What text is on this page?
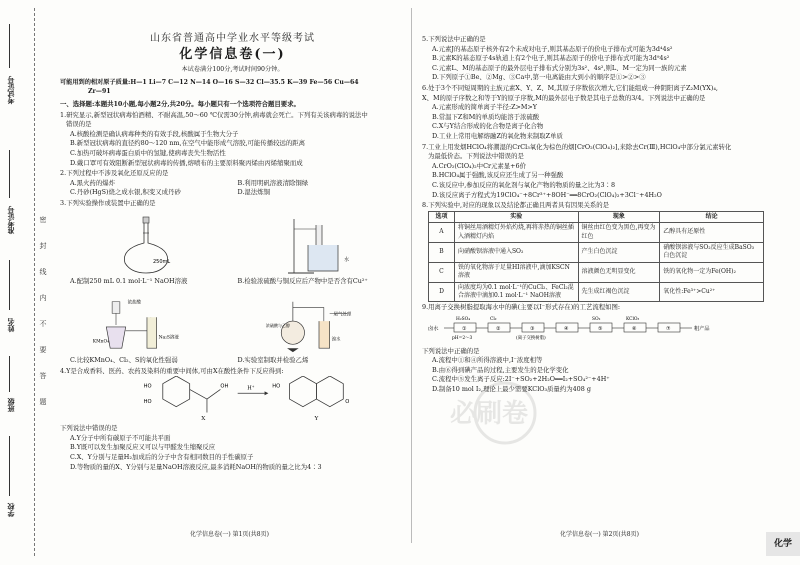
考试证号
准考证号
姓名
班级
学校
密
封
线
内
不
要
答
题
山东省普通高中学业水平等级考试
化学信息卷(一)
本试卷满分100分,考试时间90分钟。
可能用到的相对原子质量:H—1 Li—7 C—12 N—14 O—16 S—32 Cl—35.5 K—39 Fe—56 Cu—64
Zr—91
一、选择题:本题共10小题,每小题2分,共20分。每小题只有一个选项符合题目要求。

1.研究显示,新型冠状病毒怕酒精、不耐高温,50～60 ℃仅需30分钟,病毒就会死亡。下列有关该病毒的说法中

错误的是

A.核酸检测是确认病毒种类的有效手段,核酸属于生物大分子

B.新型冠状病毒的直径约80～120 nm,在空气中能形成气溶胶,可能传播较远的距离

C.加热可破坏病毒蛋白质中的氢键,使病毒丧失生物活性

D.戴口罩可有效阻断新型冠状病毒的传播,熔喷布的主要原料聚丙烯由丙烯缩聚而成

2.下列过程中不涉及氧化还原反应的是

A.黑火药的爆炸	B.利用明矾溶液清除铜绿
C.丹砂(HgS)烧之成水银,积变又成丹砂	D.湿法炼铜

3.下列实验操作或装置中正确的是

250mL	水
A.配制250 mL 0.1 mol·L⁻¹ NaOH溶液	B.检验浓硫酸与铜反应后产物中是否含有Cu²⁺
浓盐酸
Na₂S溶液
KMnO₄
尾气处理
溴水
浓硫酸与乙醇
C.比较KMnO₄、Cl₂、S的氧化性强弱	D.实验室制取并检验乙烯

4.Y是合成香料、医药、农药及染料的重要中间体,可由X在酸性条件下反应得到:

HO
HO
OH
X
H⁺	HO
O
Y

下列说法中错误的是

A.Y分子中所有碳原子不可能共平面

B.Y既可以发生加聚反应又可以与甲醛发生缩聚反应

C.X、Y分别与足量H₂加成后的分子中含有相同数目的手性碳原子

D.等物质的量的X、Y分别与足量NaOH溶液反应,最多消耗NaOH的物质的量之比为4∶3

化学信息卷(一) 第1页(共8页)

5.下列说法中正确的是

A.元素J的基态原子核外有2个未成对电子,则其基态原子的价电子排布式可能为3d⁴4s²

B.元素K的基态原子4s轨道上有2个电子,则其基态原子的价电子排布式可能为3d⁹4s²

C.元素L、M的基态原子的最外层电子排布式分别为3s²、4s²,则L、M一定为同一族的元素

D.下列原子①Be、②Mg、③Ca中,第一电离能由大到小的顺序是①>②>③

6.处于3个不同短周期的主族元素X、Y、Z、M,其原子序数依次增大,它们能组成一种阴阳离子Z₂M(YX)₄,

X、M的原子序数之和等于Y的原子序数,M的最外层电子数是其电子总数的3/4。下列说法中正确的是

A.元素形成的简单离子半径:Z>M>Y

B.常温下Z和M的单质均能溶于浓硫酸

C.X与Y结合形成的化合物是离子化合物

D.工业上常用电解熔融Z的氧化物来制取Z单质

7.工业上用发烟HClO₄将潮湿的CrCl₃氧化为棕色的烟[CrO₂(ClO₄)₂],来除去Cr(Ⅲ),HClO₄中部分氯元素转化

为最低价态。下列说法中错误的是

A.CrO₂(ClO₄)₂中Cr元素显+6价

B.HClO₄属于强酸,该反应还生成了另一种强酸

C.该反应中,参加反应的氧化剂与氧化产物的物质的量之比为3∶8

D.该反应离子方程式为19ClO₄⁻+8Cr³⁺+8OH⁻══8CrO₂(ClO₄)₂+3Cl⁻+4H₂O

8.下列实验中,对应的现象以及结论都正确且两者具有因果关系的是

选项	实验	现象	结论
A	将铜丝用酒精灯外焰灼烧,再将赤热的铜丝插入酒精灯内焰	铜丝由红色变为黑色,再变为红色	乙醇具有还原性
B	向硝酸钡溶液中通入SO₂	产生白色沉淀	硝酸钡溶液与SO₂反应生成BaSO₃白色沉淀
C	铁的氧化物溶于足量HI溶液中,滴加KSCN溶液	溶液颜色无明显变化	铁的氧化物一定为Fe(OH)₂
D	向浓度均为0.1 mol·L⁻¹的CuCl₂、FeCl₂混合溶液中滴加0.1 mol·L⁻¹ NaOH溶液	先生成红褐色沉淀	氧化性:Fe³⁺>Cu²⁺

9.用离子交换树脂提取海水中的碘(主要以I⁻形式存在)的工艺流程如图:

卤水	①	②	③	④	⑤	⑥	⑦	粗产品
H₂SO₄	Cl₂	SO₂	KClO₃
pH=2～3	(离子交换树脂)

下列说法中正确的是

A.流程中①和④所得溶液中,I⁻浓度相等

B.由⑥得到碘产品的过程,主要发生的是化学变化

C.流程中⑤发生离子反应:2I⁻+SO₂+2H₂O══I₂+SO₄²⁻+4H⁺

D.制备10 mol I₂,理论上最少需要KClO₃质量约为408 g

化学信息卷(一) 第2页(共8页)
必刷卷
化学
